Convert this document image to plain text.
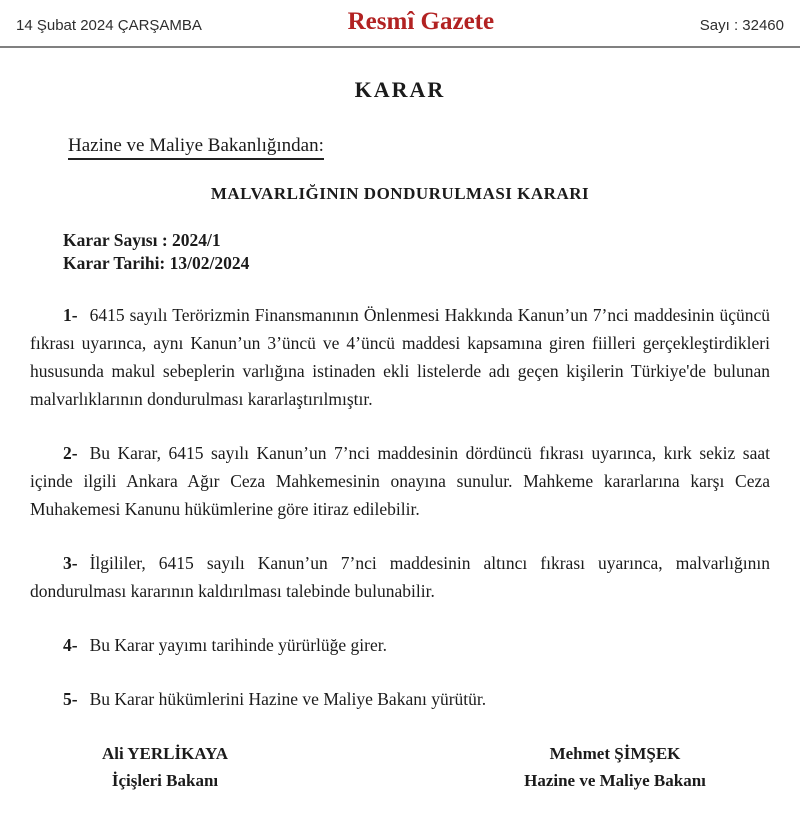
14 Şubat 2024 ÇARŞAMBA	Resmî Gazete	Sayı : 32460
KARAR
Hazine ve Maliye Bakanlığından:
MALVARLIĞININ DONDURULMASI KARARI
Karar Sayısı : 2024/1
Karar Tarihi: 13/02/2024

1- 6415 sayılı Terörizmin Finansmanının Önlenmesi Hakkında Kanun’un 7’nci maddesinin üçüncü fıkrası uyarınca, aynı Kanun’un 3’üncü ve 4’üncü maddesi kapsamına giren fiilleri gerçekleştirdikleri hususunda makul sebeplerin varlığına istinaden ekli listelerde adı geçen kişilerin Türkiye'de bulunan malvarlıklarının dondurulması kararlaştırılmıştır.

2- Bu Karar, 6415 sayılı Kanun’un 7’nci maddesinin dördüncü fıkrası uyarınca, kırk sekiz saat içinde ilgili Ankara Ağır Ceza Mahkemesinin onayına sunulur. Mahkeme kararlarına karşı Ceza Muhakemesi Kanunu hükümlerine göre itiraz edilebilir.

3- İlgililer, 6415 sayılı Kanun’un 7’nci maddesinin altıncı fıkrası uyarınca, malvarlığının dondurulması kararının kaldırılması talebinde bulunabilir.

4- Bu Karar yayımı tarihinde yürürlüğe girer.

5- Bu Karar hükümlerini Hazine ve Maliye Bakanı yürütür.

Ali YERLİKAYA
İçişleri Bakanı
Mehmet ŞİMŞEK
Hazine ve Maliye Bakanı
